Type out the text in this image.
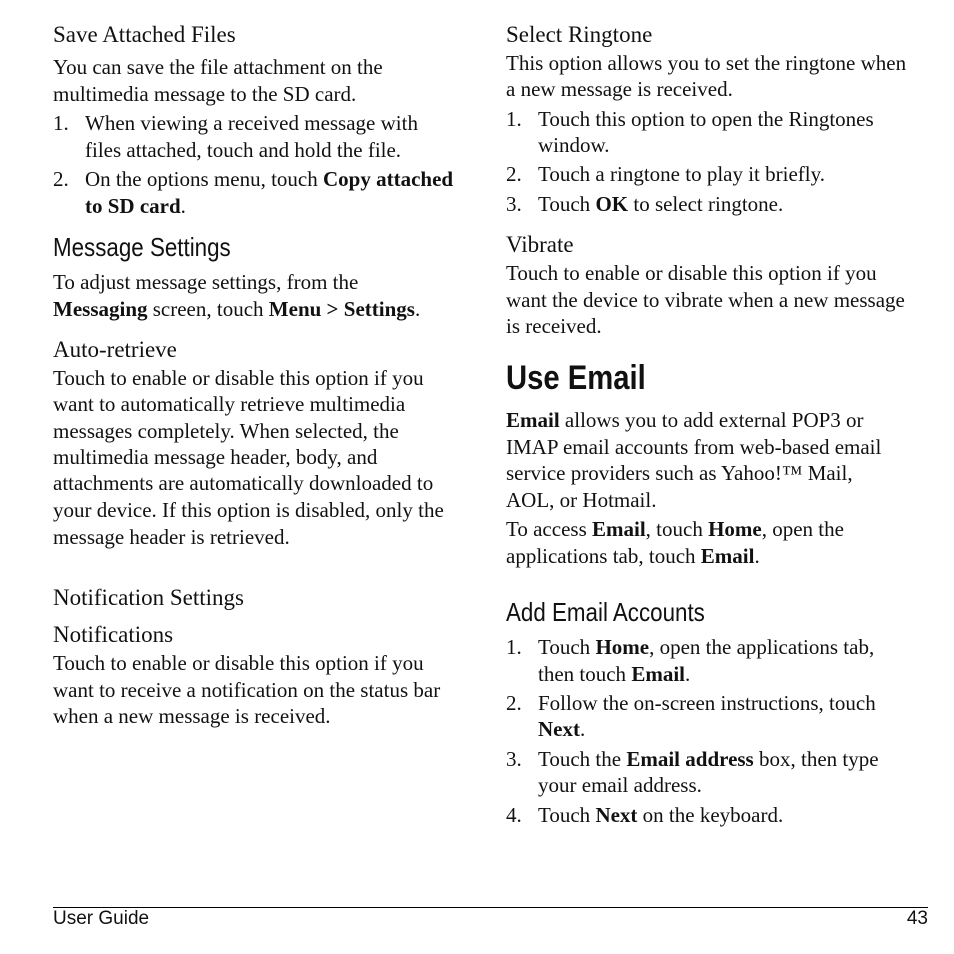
Save Attached Files
You can save the file attachment on the
multimedia message to the SD card.
1. When viewing a received message with
files attached, touch and hold the file.
2. On the options menu, touch Copy attached
to SD card.
Message Settings
To adjust message settings, from the
Messaging screen, touch Menu > Settings.
Auto-retrieve
Touch to enable or disable this option if you
want to automatically retrieve multimedia
messages completely. When selected, the
multimedia message header, body, and
attachments are automatically downloaded to
your device. If this option is disabled, only the
message header is retrieved.
Notification Settings
Notifications
Touch to enable or disable this option if you
want to receive a notification on the status bar
when a new message is received.
Select Ringtone
This option allows you to set the ringtone when
a new message is received.
1. Touch this option to open the Ringtones
window.
2. Touch a ringtone to play it briefly.
3. Touch OK to select ringtone.
Vibrate
Touch to enable or disable this option if you
want the device to vibrate when a new message
is received.
Use Email
Email allows you to add external POP3 or
IMAP email accounts from web-based email
service providers such as Yahoo!™ Mail,
AOL, or Hotmail.
To access Email, touch Home, open the
applications tab, touch Email.
Add Email Accounts
1. Touch Home, open the applications tab,
then touch Email.
2. Follow the on-screen instructions, touch
Next.
3. Touch the Email address box, then type
your email address.
4. Touch Next on the keyboard.
User Guide	43
